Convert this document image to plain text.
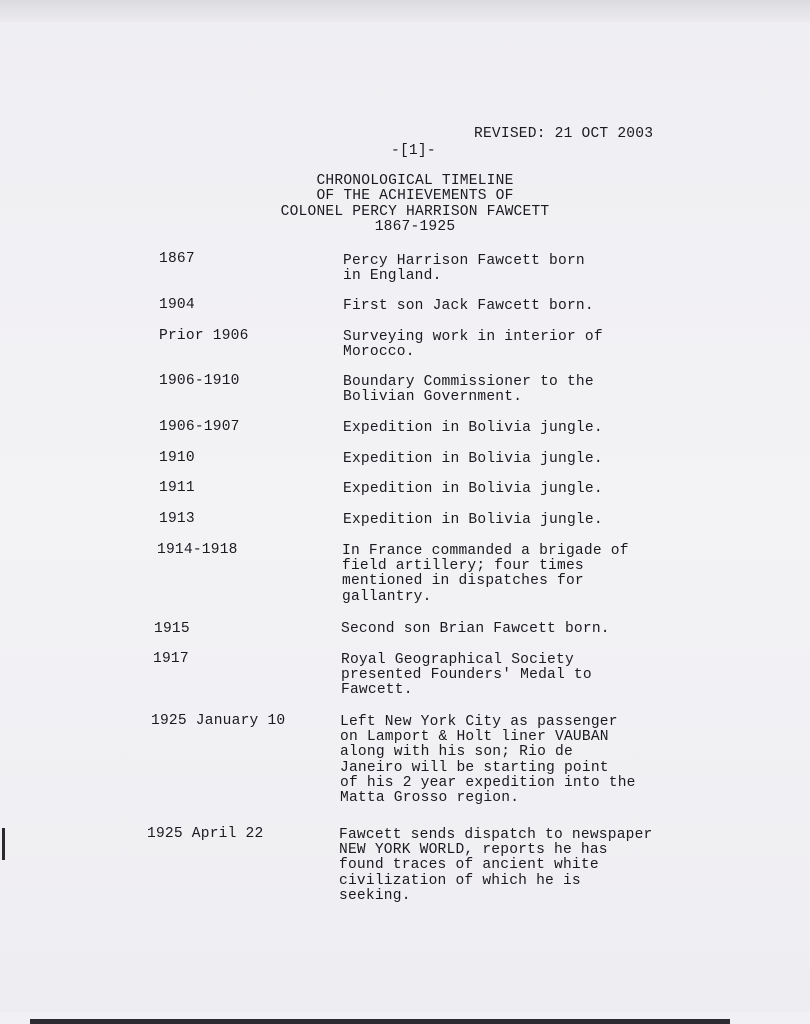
REVISED: 21 OCT 2003
-[1]-
CHRONOLOGICAL TIMELINE
OF THE ACHIEVEMENTS OF
COLONEL PERCY HARRISON FAWCETT
1867-1925
1867	Percy Harrison Fawcett born
in England.
1904	First son Jack Fawcett born.
Prior 1906	Surveying work in interior of
Morocco.
1906-1910	Boundary Commissioner to the
Bolivian Government.
1906-1907	Expedition in Bolivia jungle.
1910	Expedition in Bolivia jungle.
1911	Expedition in Bolivia jungle.
1913	Expedition in Bolivia jungle.
1914-1918	In France commanded a brigade of
field artillery; four times
mentioned in dispatches for
gallantry.
1915	Second son Brian Fawcett born.
1917	Royal Geographical Society
presented Founders' Medal to
Fawcett.
1925 January 10	Left New York City as passenger
on Lamport & Holt liner VAUBAN
along with his son; Rio de
Janeiro will be starting point
of his 2 year expedition into the
Matta Grosso region.
1925 April 22	Fawcett sends dispatch to newspaper
NEW YORK WORLD, reports he has
found traces of ancient white
civilization of which he is
seeking.
